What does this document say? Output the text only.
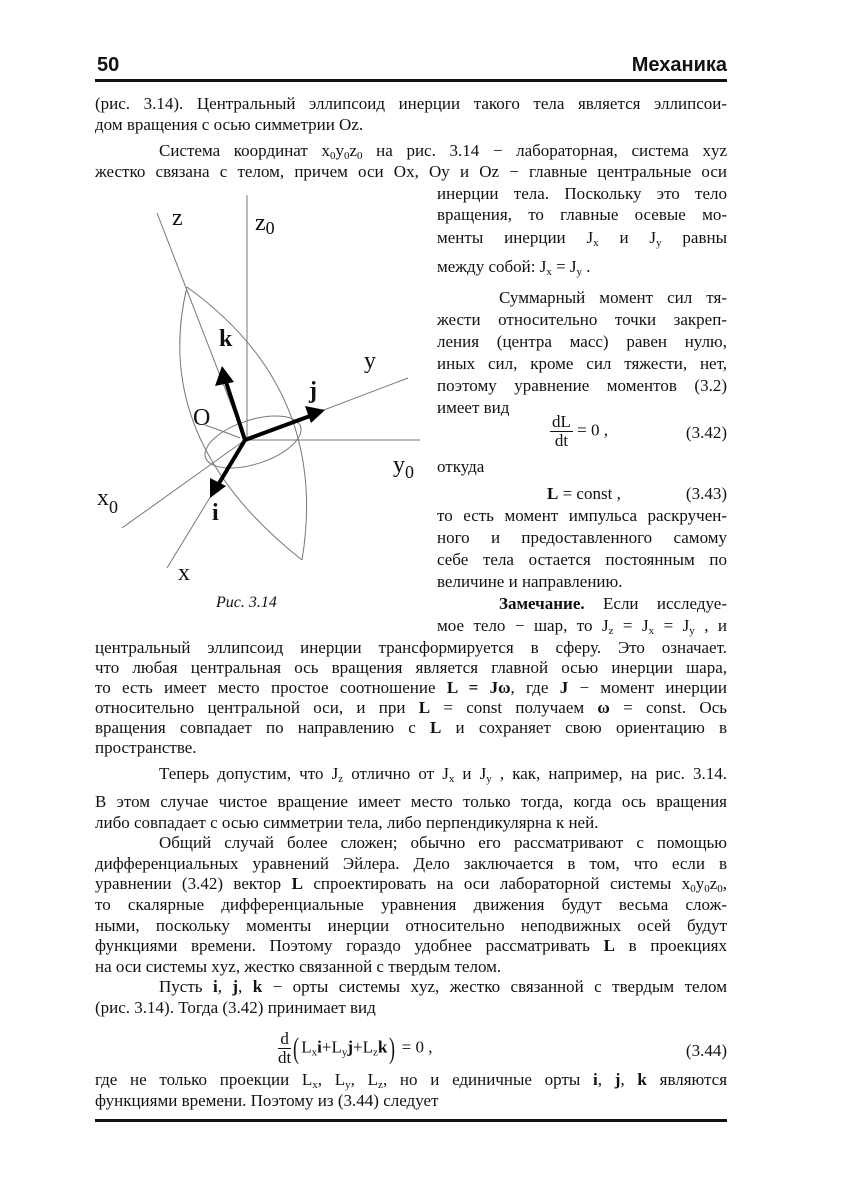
50	Механика
(рис. 3.14). Центральный эллипсоид инерции такого тела является эллипсои-
дом вращения с осью симметрии Oz.
Система координат $x_0y_0z_0$ на рис. 3.14 − лабораторная, система xyz
жестко связана с телом, причем оси Ox, Oy и Oz − главные центральные оси
инерции тела. Поскольку это тело
вращения, то главные осевые мо-
менты инерции $J_x$ и $J_y$ равны
между собой: $J_x = J_y$ .
Суммарный момент сил тя-
жести относительно точки закреп-
ления (центра масс) равен нулю,
иных сил, кроме сил тяжести, нет,
поэтому уравнение моментов (3.2)
имеет вид
откуда
то есть момент импульса раскручен-
ного и предоставленного самому
себе тела остается постоянным по
величине и направлению.
Замечание. Если исследуе-
мое тело − шар, то $J_z = J_x = J_y$ , и
центральный эллипсоид инерции трансформируется в сферу. Это означает.
что любая центральная ось вращения является главной осью инерции шара,
то есть имеет место простое соотношение L = Jω, где J − момент инерции
относительно центральной оси, и при L = const получаем ω = const. Ось
вращения совпадает по направлению с L и сохраняет свою ориентацию в
пространстве.
Теперь допустим, что $J_z$ отлично от $J_x$ и $J_y$ , как, например, на рис. 3.14.
В этом случае чистое вращение имеет место только тогда, когда ось вращения
либо совпадает с осью симметрии тела, либо перпендикулярна к ней.
Общий случай более сложен; обычно его рассматривают с помощью
дифференциальных уравнений Эйлера. Дело заключается в том, что если в
уравнении (3.42) вектор L спроектировать на оси лабораторной системы $x_0y_0z_0$,
то скалярные дифференциальные уравнения движения будут весьма слож-
ными, поскольку моменты инерции относительно неподвижных осей будут
функциями времени. Поэтому гораздо удобнее рассматривать L в проекциях
на оси системы xyz, жестко связанной с твердым телом.
Пусть i, j, k − орты системы xyz, жестко связанной с твердым телом
(рис. 3.14). Тогда (3.42) принимает вид
где не только проекции $L_x$, $L_y$, $L_z$, но и единичные орты i, j, k являются
функциями времени. Поэтому из (3.44) следует
z	z0
k
y
j
O
$y_0$
$x_0$	i
x
Рис. 3.14
$\frac{dL}{dt} = 0$ ,	(3.42)
L = const ,	(3.43)
$\frac{d}{dt}$ ( $L_xi+L_yj+L_zk) = 0$ ,	(3.44)
